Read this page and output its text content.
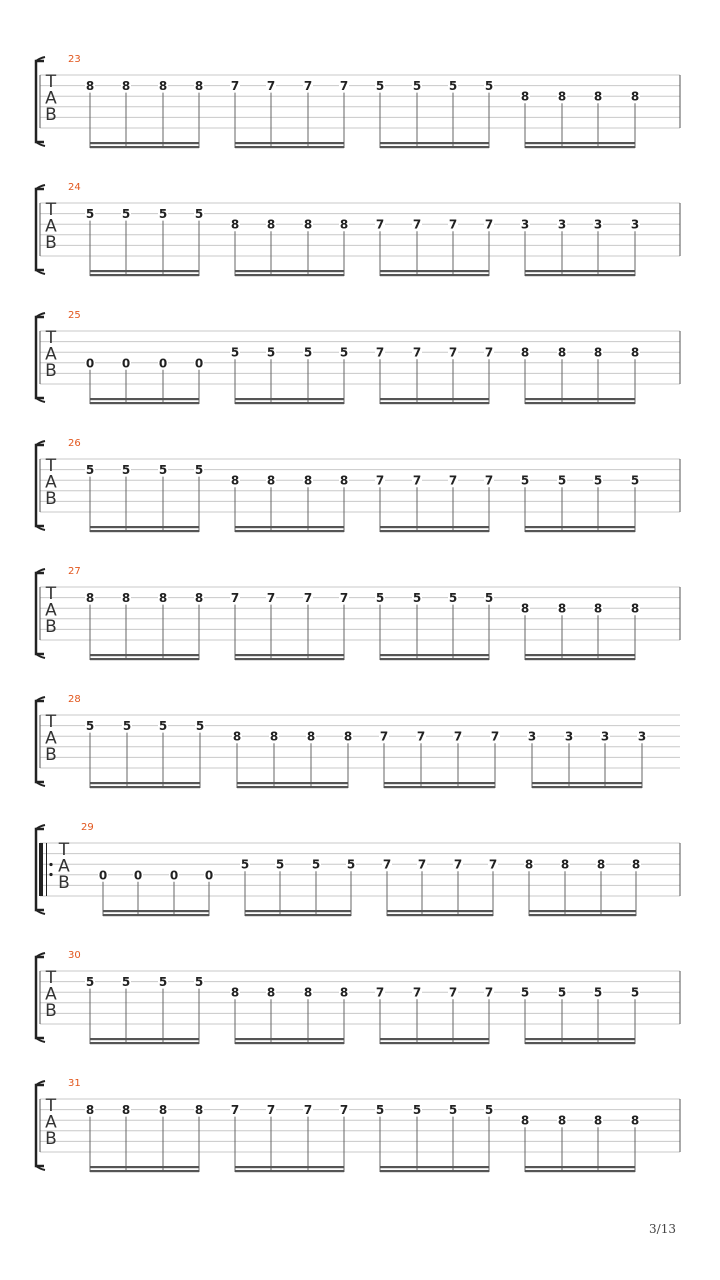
23
T
A
B
8 8 8 8 7 7 7 7 5 5 5 5
8 8 8 8
24
T
A
B
5 5 5 5
8 8 8 8 7 7 7 7 3 3 3 3
25
T
A
B 0 0 0 0
5 5 5 5 7 7 7 7 8 8 8 8
26
T
A
B
5 5 5 5
8 8 8 8 7 7 7 7 5 5 5 5
27
T
A
B
8 8 8 8 7 7 7 7 5 5 5 5
8 8 8 8
28
T
A
B
5 5 5 5
8 8 8 8 7 7 7 7 3 3 3 3
29
T
A
B 0 0 0 0
5 5 5 5 7 7 7 7 8 8 8 8
30
T
A
B
5 5 5 5
8 8 8 8 7 7 7 7 5 5 5 5
31
T
A
B
8 8 8 8 7 7 7 7 5 5 5 5
8 8 8 8
3/13
